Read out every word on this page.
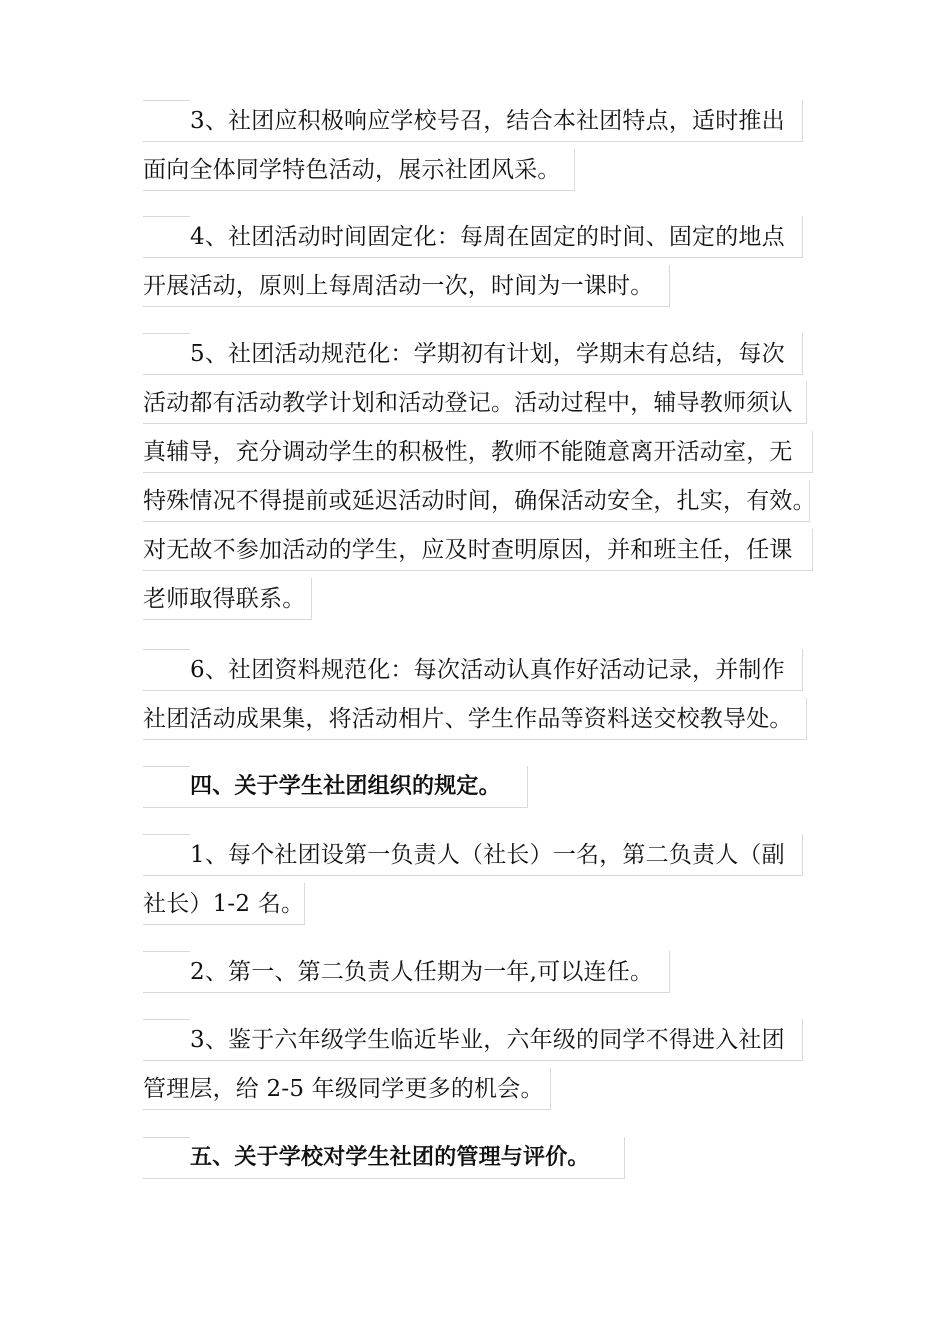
3、社团应积极响应学校号召，结合本社团特点，适时推出
面向全体同学特色活动，展示社团风采。
4、社团活动时间固定化：每周在固定的时间、固定的地点
开展活动，原则上每周活动一次，时间为一课时。
5、社团活动规范化：学期初有计划，学期末有总结，每次
活动都有活动教学计划和活动登记。活动过程中，辅导教师须认
真辅导，充分调动学生的积极性，教师不能随意离开活动室，无
特殊情况不得提前或延迟活动时间，确保活动安全，扎实，有效。
对无故不参加活动的学生，应及时查明原因，并和班主任，任课
老师取得联系。
6、社团资料规范化：每次活动认真作好活动记录，并制作
社团活动成果集，将活动相片、学生作品等资料送交校教导处。
四、关于学生社团组织的规定。
1、每个社团设第一负责人（社长）一名，第二负责人（副
社长）1-2 名。
2、第一、第二负责人任期为一年,可以连任。
3、鉴于六年级学生临近毕业，六年级的同学不得进入社团
管理层，给 2-5 年级同学更多的机会。
五、关于学校对学生社团的管理与评价。
